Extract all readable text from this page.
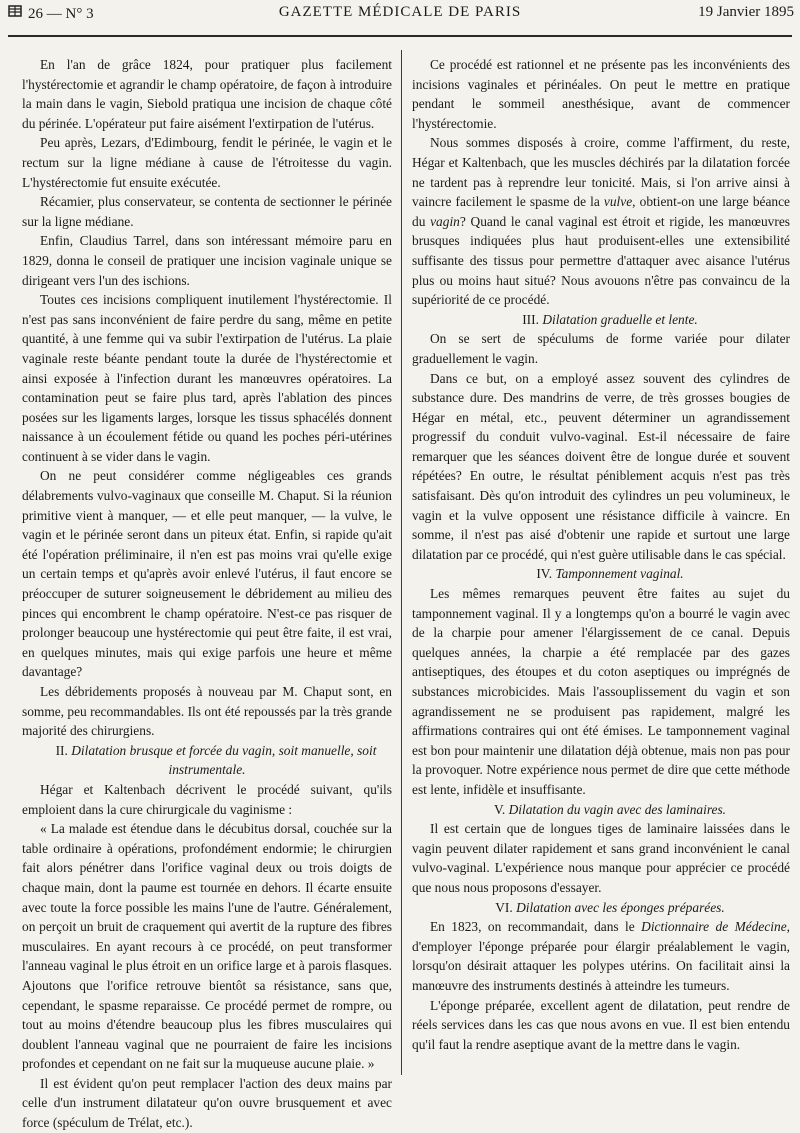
26 — N° 3	GAZETTE MÉDICALE DE PARIS	19 Janvier 1895

En l'an de grâce 1824, pour pratiquer plus facilement l'hystérectomie et agrandir le champ opératoire, de façon à introduire la main dans le vagin, Siebold pratiqua une incision de chaque côté du périnée. L'opérateur put faire aisément l'extirpation de l'utérus.

Peu après, Lezars, d'Edimbourg, fendit le périnée, le vagin et le rectum sur la ligne médiane à cause de l'étroitesse du vagin. L'hystérectomie fut ensuite exécutée.

Récamier, plus conservateur, se contenta de sectionner le périnée sur la ligne médiane.

Enfin, Claudius Tarrel, dans son intéressant mémoire paru en 1829, donna le conseil de pratiquer une incision vaginale unique se dirigeant vers l'un des ischions.

Toutes ces incisions compliquent inutilement l'hystérectomie. Il n'est pas sans inconvénient de faire perdre du sang, même en petite quantité, à une femme qui va subir l'extirpation de l'utérus. La plaie vaginale reste béante pendant toute la durée de l'hystérectomie et ainsi exposée à l'infection durant les manœuvres opératoires. La contamination peut se faire plus tard, après l'ablation des pinces posées sur les ligaments larges, lorsque les tissus sphacélés donnent naissance à un écoulement fétide ou quand les poches péri-utérines continuent à se vider dans le vagin.

On ne peut considérer comme négligeables ces grands délabrements vulvo-vaginaux que conseille M. Chaput. Si la réunion primitive vient à manquer, — et elle peut manquer, — la vulve, le vagin et le périnée seront dans un piteux état. Enfin, si rapide qu'ait été l'opération préliminaire, il n'en est pas moins vrai qu'elle exige un certain temps et qu'après avoir enlevé l'utérus, il faut encore se préoccuper de suturer soigneusement le débridement au milieu des pinces qui encombrent le champ opératoire. N'est-ce pas risquer de prolonger beaucoup une hystérectomie qui peut être faite, il est vrai, en quelques minutes, mais qui exige parfois une heure et même davantage?

Les débridements proposés à nouveau par M. Chaput sont, en somme, peu recommandables. Ils ont été repoussés par la très grande majorité des chirurgiens.

II. Dilatation brusque et forcée du vagin, soit manuelle, soit instrumentale.

Hégar et Kaltenbach décrivent le procédé suivant, qu'ils emploient dans la cure chirurgicale du vaginisme :

« La malade est étendue dans le décubitus dorsal, couchée sur la table ordinaire à opérations, profondément endormie; le chirurgien fait alors pénétrer dans l'orifice vaginal deux ou trois doigts de chaque main, dont la paume est tournée en dehors. Il écarte ensuite avec toute la force possible les mains l'une de l'autre. Généralement, on perçoit un bruit de craquement qui avertit de la rupture des fibres musculaires. En ayant recours à ce procédé, on peut transformer l'anneau vaginal le plus étroit en un orifice large et à parois flasques. Ajoutons que l'orifice retrouve bientôt sa résistance, sans que, cependant, le spasme reparaisse. Ce procédé permet de rompre, ou tout au moins d'étendre beaucoup plus les fibres musculaires qui doublent l'anneau vaginal que ne pourraient de faire les incisions profondes et cependant on ne fait sur la muqueuse aucune plaie. »

Il est évident qu'on peut remplacer l'action des deux mains par celle d'un instrument dilatateur qu'on ouvre brusquement et avec force (spéculum de Trélat, etc.).

Ce procédé est rationnel et ne présente pas les inconvénients des incisions vaginales et périnéales. On peut le mettre en pratique pendant le sommeil anesthésique, avant de commencer l'hystérectomie.

Nous sommes disposés à croire, comme l'affirment, du reste, Hégar et Kaltenbach, que les muscles déchirés par la dilatation forcée ne tardent pas à reprendre leur tonicité. Mais, si l'on arrive ainsi à vaincre facilement le spasme de la vulve, obtient-on une large béance du vagin? Quand le canal vaginal est étroit et rigide, les manœuvres brusques indiquées plus haut produisent-elles une extensibilité suffisante des tissus pour permettre d'attaquer avec aisance l'utérus plus ou moins haut situé? Nous avouons n'être pas convaincu de la supériorité de ce procédé.

III. Dilatation graduelle et lente.

On se sert de spéculums de forme variée pour dilater graduellement le vagin.

Dans ce but, on a employé assez souvent des cylindres de substance dure. Des mandrins de verre, de très grosses bougies de Hégar en métal, etc., peuvent déterminer un agrandissement progressif du conduit vulvo-vaginal. Est-il nécessaire de faire remarquer que les séances doivent être de longue durée et souvent répétées? En outre, le résultat péniblement acquis n'est pas très satisfaisant. Dès qu'on introduit des cylindres un peu volumineux, le vagin et la vulve opposent une résistance difficile à vaincre. En somme, il n'est pas aisé d'obtenir une rapide et surtout une large dilatation par ce procédé, qui n'est guère utilisable dans le cas spécial.

IV. Tamponnement vaginal.

Les mêmes remarques peuvent être faites au sujet du tamponnement vaginal. Il y a longtemps qu'on a bourré le vagin avec de la charpie pour amener l'élargissement de ce canal. Depuis quelques années, la charpie a été remplacée par des gazes antiseptiques, des étoupes et du coton aseptiques ou imprégnés de substances microbicides. Mais l'assouplissement du vagin et son agrandissement ne se produisent pas rapidement, malgré les affirmations contraires qui ont été émises. Le tamponnement vaginal est bon pour maintenir une dilatation déjà obtenue, mais non pas pour la provoquer. Notre expérience nous permet de dire que cette méthode est lente, infidèle et insuffisante.

V. Dilatation du vagin avec des laminaires.

Il est certain que de longues tiges de laminaire laissées dans le vagin peuvent dilater rapidement et sans grand inconvénient le canal vulvo-vaginal. L'expérience nous manque pour apprécier ce procédé que nous nous proposons d'essayer.

VI. Dilatation avec les éponges préparées.

En 1823, on recommandait, dans le Dictionnaire de Médecine, d'employer l'éponge préparée pour élargir préalablement le vagin, lorsqu'on désirait attaquer les polypes utérins. On facilitait ainsi la manœuvre des instruments destinés à atteindre les tumeurs.

L'éponge préparée, excellent agent de dilatation, peut rendre de réels services dans les cas que nous avons en vue. Il est bien entendu qu'il faut la rendre aseptique avant de la mettre dans le vagin.
